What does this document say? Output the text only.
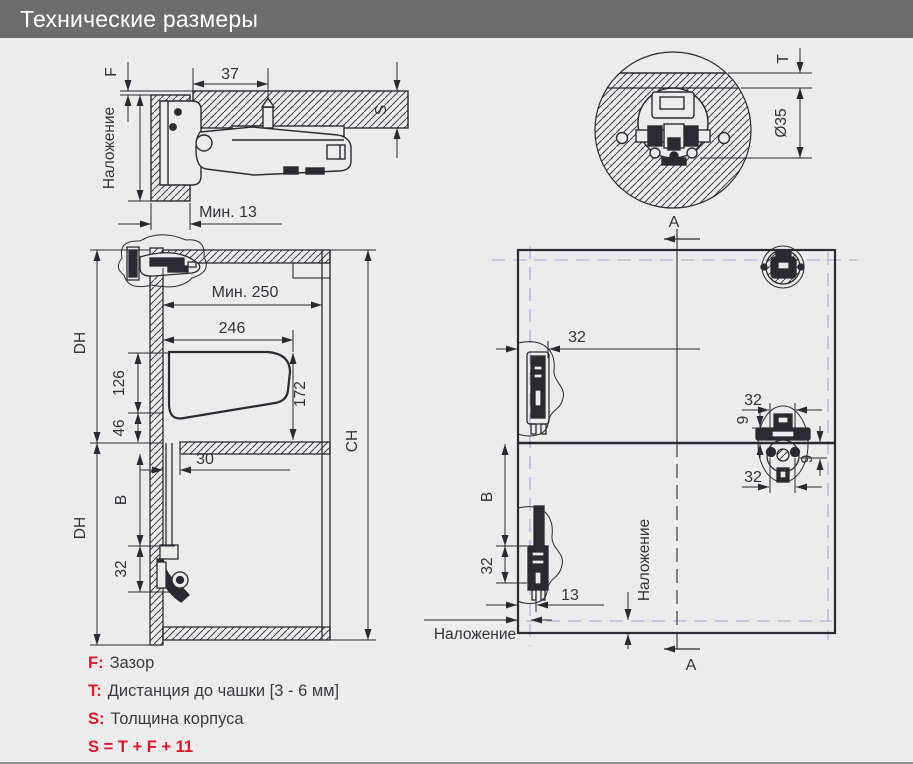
Технические размеры
F
Наложение
37
S
Мин. 13
T
Ø35
Мин. 250
246
126	172
46
30
B
32
DH
DH
CH
32
B
32
13
Наложение
Наложение
32
9
9
32
A
A
F: Зазор
T: Дистанция до чашки [3 - 6 мм]
S: Толщина корпуса
S = T + F + 11
